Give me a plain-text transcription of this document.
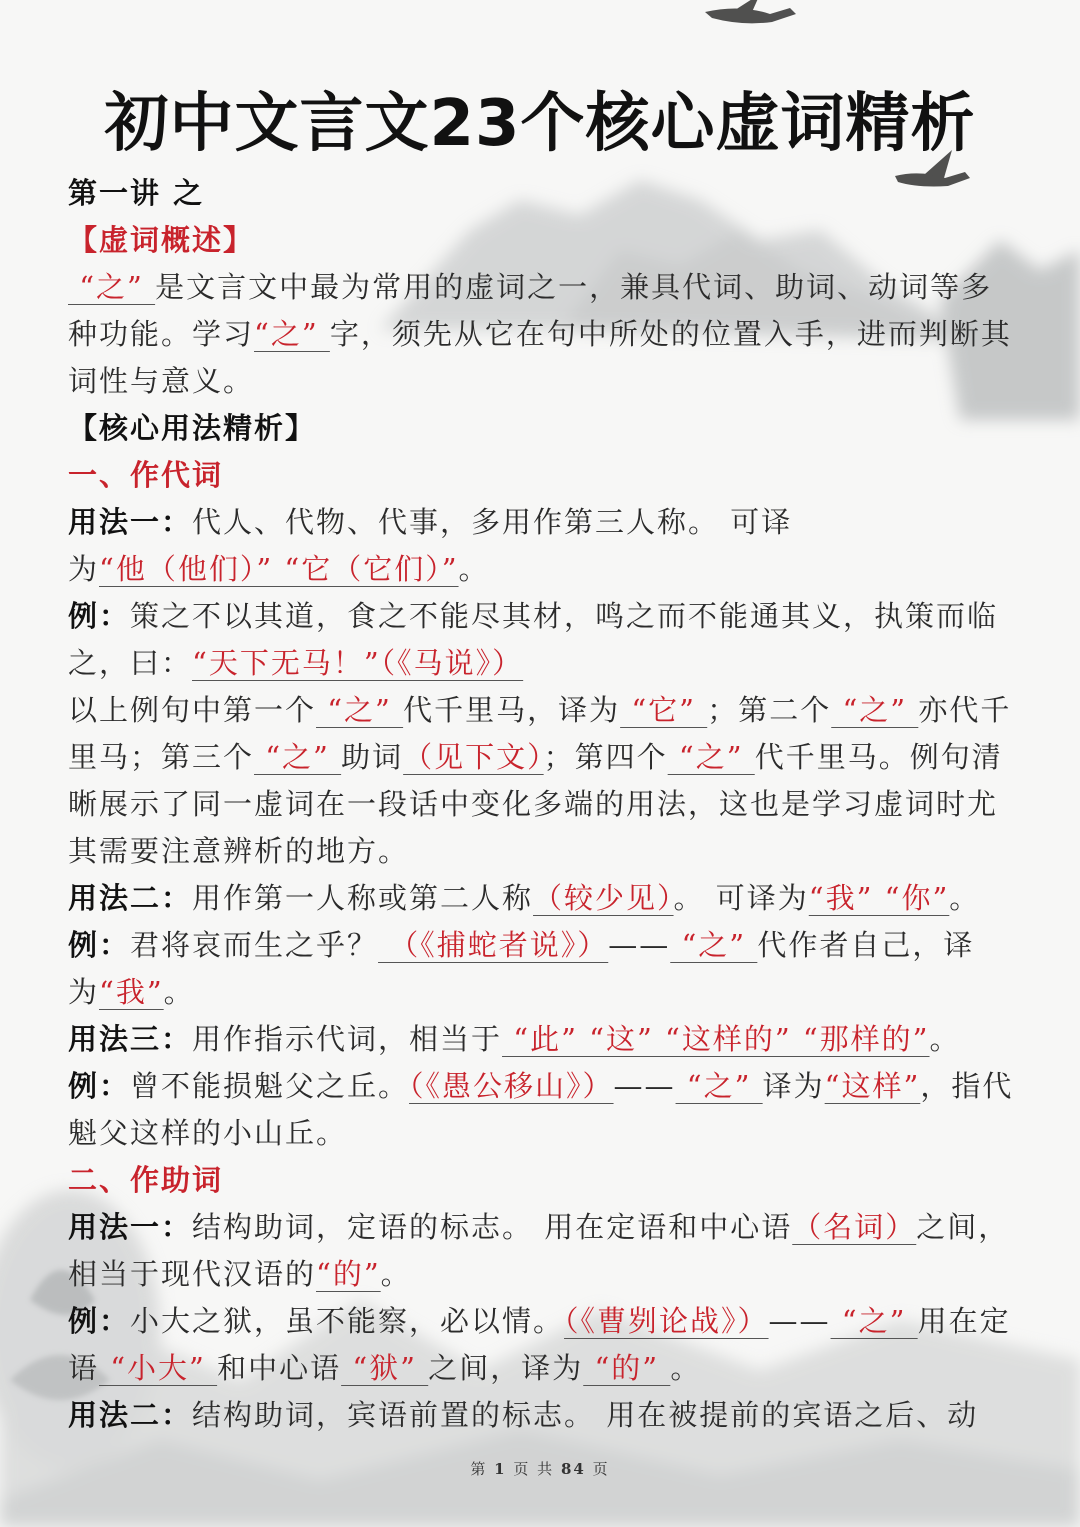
初中文言文23个核心虚词精析

第一讲 之

【虚词概述】

“之” 是文言文中最为常用的虚词之一，兼具代词、助词、动词等多种功能。学习“之” 字，须先从它在句中所处的位置入手，进而判断其词性与意义。

【核心用法精析】

一、作代词

用法一：代人、代物、代事，多用作第三人称。 可译为“他（他们）” “它（它们）”。

例：策之不以其道，食之不能尽其材，鸣之而不能通其义，执策而临之，曰：“天下无马！”（《马说》）

以上例句中第一个 “之” 代千里马，译为 “它” ；第二个 “之” 亦代千里马；第三个 “之” 助词（见下文）；第四个 “之” 代千里马。例句清晰展示了同一虚词在一段话中变化多端的用法，这也是学习虚词时尤其需要注意辨析的地方。

用法二：用作第一人称或第二人称（较少见）。 可译为“我” “你”。

例：君将哀而生之乎？ （《捕蛇者说》）—— “之” 代作者自己，译为“我”。

用法三：用作指示代词，相当于 “此” “这” “这样的” “那样的”。

例：曾不能损魁父之丘。（《愚公移山》）—— “之” 译为“这样”，指代魁父这样的小山丘。

二、作助词

用法一：结构助词，定语的标志。 用在定语和中心语（名词）之间，相当于现代汉语的“的”。

例：小大之狱，虽不能察，必以情。（《曹刿论战》）—— “之” 用在定语 “小大” 和中心语 “狱” 之间，译为 “的” 。

用法二：结构助词，宾语前置的标志。 用在被提前的宾语之后、动

第 1 页 共 84 页
